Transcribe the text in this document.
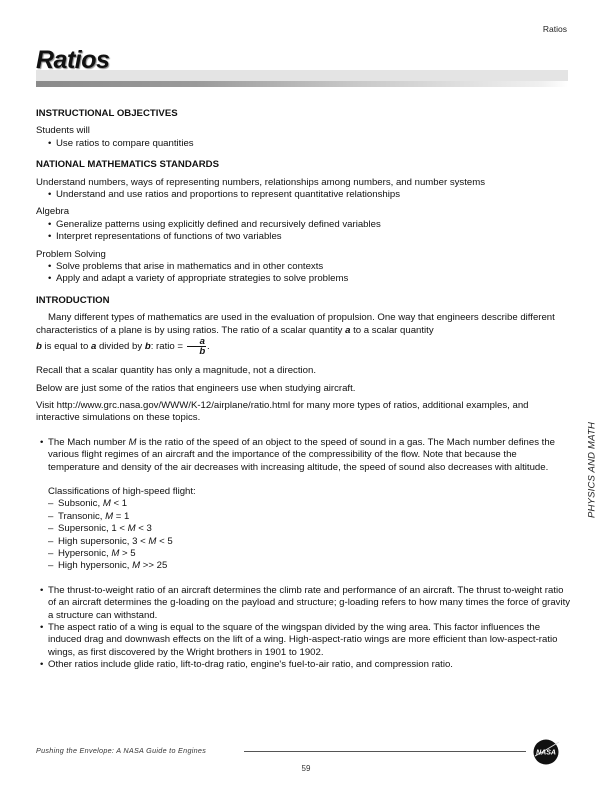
Ratios
Ratios
INSTRUCTIONAL OBJECTIVES
Students will
• Use ratios to compare quantities
NATIONAL MATHEMATICS STANDARDS
Understand numbers, ways of representing numbers, relationships among numbers, and number systems
• Understand and use ratios and proportions to represent quantitative relationships
Algebra
• Generalize patterns using explicitly defined and recursively defined variables
• Interpret representations of functions of two variables
Problem Solving
• Solve problems that arise in mathematics and in other contexts
• Apply and adapt a variety of appropriate strategies to solve problems
INTRODUCTION
Many different types of mathematics are used in the evaluation of propulsion. One way that engineers describe different characteristics of a plane is by using ratios. The ratio of a scalar quantity a to a scalar quantity
b is equal to a divided by b: ratio = $\frac{a}{b}$ .
Recall that a scalar quantity has only a magnitude, not a direction.
Below are just some of the ratios that engineers use when studying aircraft.
Visit http://www.grc.nasa.gov/WWW/K-12/airplane/ratio.html for many more types of ratios, additional examples, and interactive simulations on these topics.
• The Mach number M is the ratio of the speed of an object to the speed of sound in a gas. The Mach number defines the various flight regimes of an aircraft and the importance of the compressibility of the flow. Note that because the temperature and density of the air decreases with increasing altitude, the speed of sound also decreases with altitude.
Classifications of high-speed flight:
– Subsonic, M < 1
– Transonic, M = 1
– Supersonic, 1 < M < 3
– High supersonic, 3 < M < 5
– Hypersonic, M > 5
– High hypersonic, M >> 25
• The thrust-to-weight ratio of an aircraft determines the climb rate and performance of an aircraft. The thrust to-weight ratio of an aircraft determines the g-loading on the payload and structure; g-loading refers to how many times the force of gravity a structure can withstand.
• The aspect ratio of a wing is equal to the square of the wingspan divided by the wing area. This factor influences the induced drag and downwash effects on the lift of a wing. High-aspect-ratio wings are more efficient than low-aspect-ratio wings, as first discovered by the Wright brothers in 1901 to 1902.
• Other ratios include glide ratio, lift-to-drag ratio, engine's fuel-to-air ratio, and compression ratio.
PHYSICS AND MATH
Pushing the Envelope: A NASA Guide to Engines
59
NASA
